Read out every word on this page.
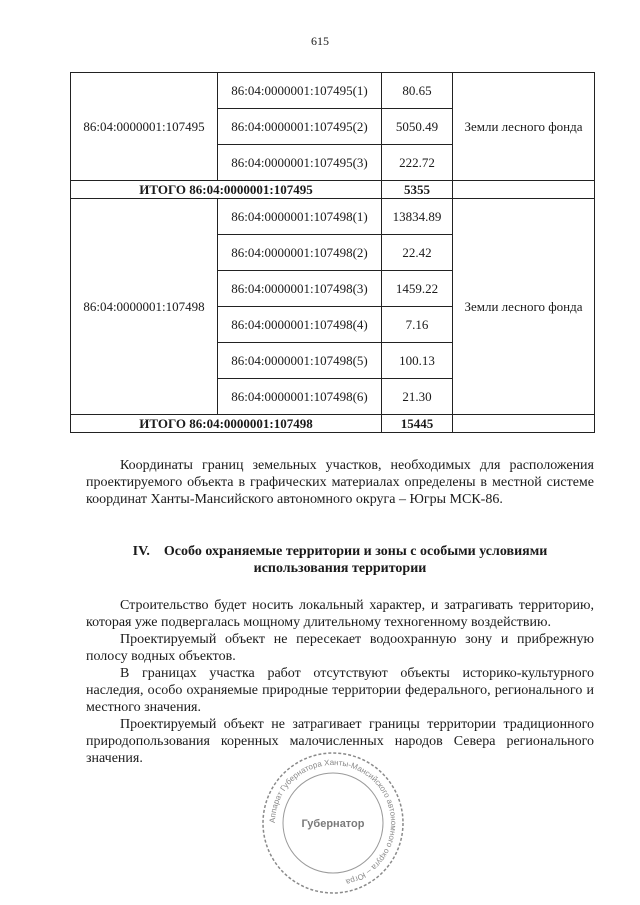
615
86:04:0000001:107495	86:04:0000001:107495(1)	80.65	Земли лесного фонда
	86:04:0000001:107495(2)	5050.49	
	86:04:0000001:107495(3)	222.72	
ИТОГО 86:04:0000001:107495		5355	
86:04:0000001:107498	86:04:0000001:107498(1)	13834.89	Земли лесного фонда
	86:04:0000001:107498(2)	22.42	
	86:04:0000001:107498(3)	1459.22	
	86:04:0000001:107498(4)	7.16	
	86:04:0000001:107498(5)	100.13	
	86:04:0000001:107498(6)	21.30	
ИТОГО 86:04:0000001:107498		15445	

Координаты границ земельных участков, необходимых для расположения проектируемого объекта в графических материалах определены в местной системе координат Ханты-Мансийского автономного округа – Югры МСК-86.

IV. Особо охраняемые территории и зоны с особыми условиями
использования территории

Строительство будет носить локальный характер, и затрагивать территорию, которая уже подвергалась мощному длительному техногенному воздействию.

Проектируемый объект не пересекает водоохранную зону и прибрежную полосу водных объектов.

В границах участка работ отсутствуют объекты историко-культурного наследия, особо охраняемые природные территории федерального, регионального и местного значения.

Проектируемый объект не затрагивает границы территории традиционного природопользования коренных малочисленных народов Севера регионального значения.

Аппарат Губернатора Ханты-Мансийского автономного округа – Югра
Губернатор
